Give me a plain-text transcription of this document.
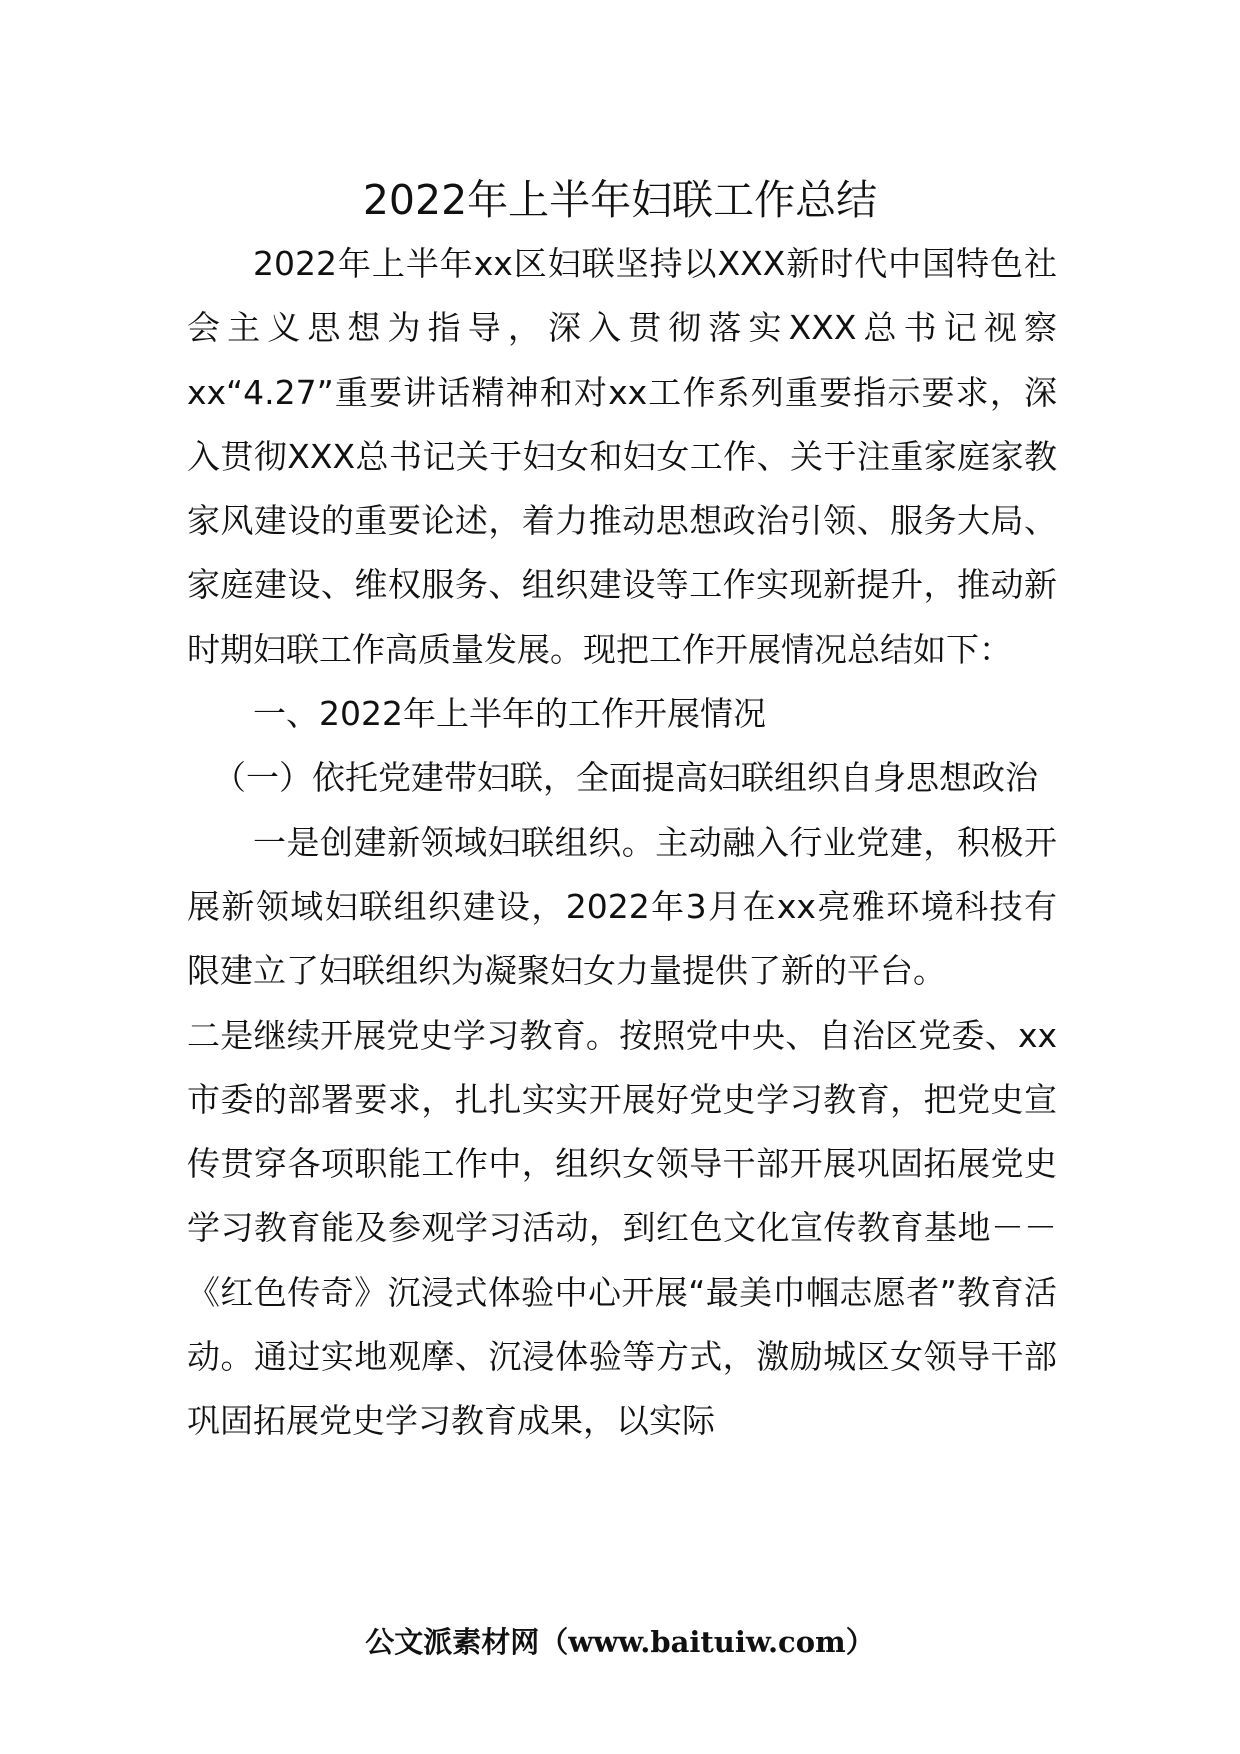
2022年上半年妇联工作总结

2022年上半年xx区妇联坚持以XXX新时代中国特色社会主义思想为指导，深入贯彻落实XXX总书记视察xx“4.27”重要讲话精神和对xx工作系列重要指示要求，深入贯彻XXX总书记关于妇女和妇女工作、关于注重家庭家教家风建设的重要论述，着力推动思想政治引领、服务大局、家庭建设、维权服务、组织建设等工作实现新提升，推动新时期妇联工作高质量发展。现把工作开展情况总结如下：

一、2022年上半年的工作开展情况

（一）依托党建带妇联，全面提高妇联组织自身思想政治

一是创建新领域妇联组织。主动融入行业党建，积极开展新领域妇联组织建设，2022年3月在xx亮雅环境科技有限建立了妇联组织为凝聚妇女力量提供了新的平台。

二是继续开展党史学习教育。按照党中央、自治区党委、xx市委的部署要求，扎扎实实开展好党史学习教育，把党史宣传贯穿各项职能工作中，组织女领导干部开展巩固拓展党史学习教育能及参观学习活动，到红色文化宣传教育基地－－《红色传奇》沉浸式体验中心开展“最美巾帼志愿者”教育活动。通过实地观摩、沉浸体验等方式，激励城区女领导干部巩固拓展党史学习教育成果，以实际

公文派素材网（www.baituiw.com）
